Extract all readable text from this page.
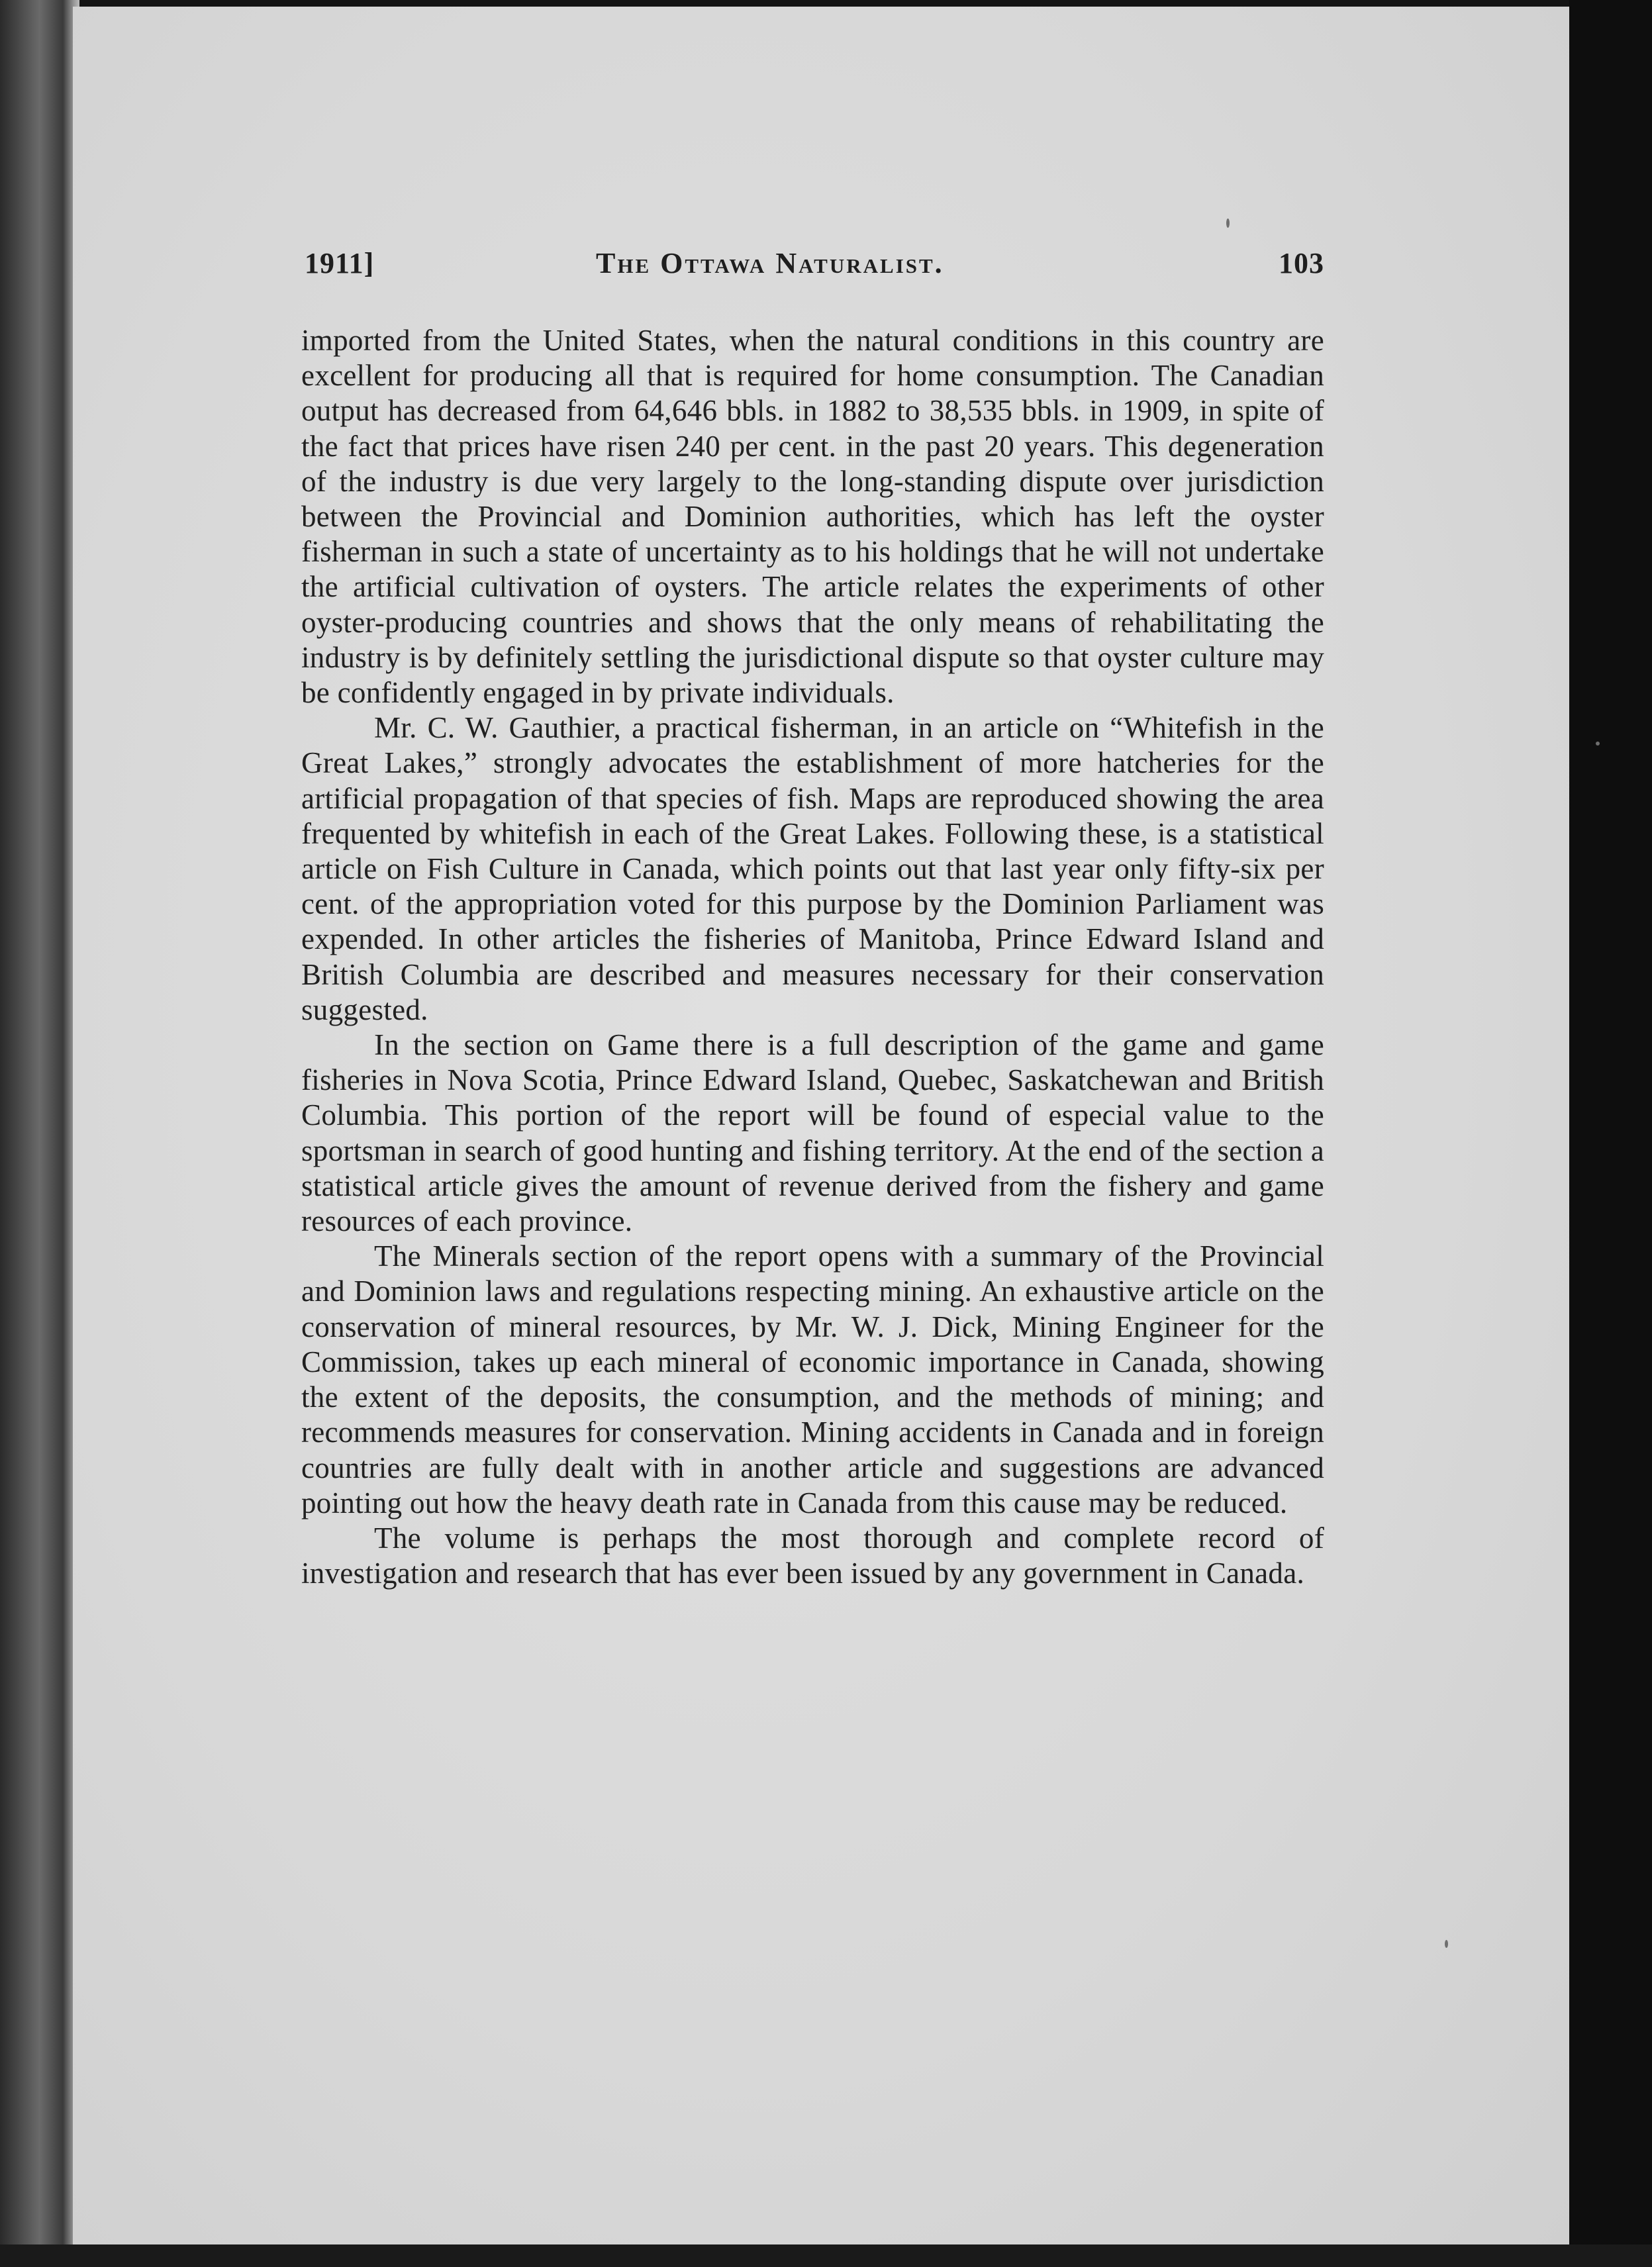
1911]	The Ottawa Naturalist.	103

imported from the United States, when the natural conditions in this country are excellent for producing all that is required for home consumption. The Canadian output has decreased from 64,646 bbls. in 1882 to 38,535 bbls. in 1909, in spite of the fact that prices have risen 240 per cent. in the past 20 years. This degeneration of the industry is due very largely to the long-standing dispute over jurisdiction between the Provincial and Dominion authorities, which has left the oyster fisherman in such a state of uncertainty as to his holdings that he will not undertake the artificial cultivation of oysters. The article relates the experiments of other oyster-producing countries and shows that the only means of rehabilitating the industry is by definitely settling the jurisdictional dispute so that oyster culture may be confidently engaged in by private individuals.

Mr. C. W. Gauthier, a practical fisherman, in an article on “Whitefish in the Great Lakes,” strongly advocates the establishment of more hatcheries for the artificial propagation of that species of fish. Maps are reproduced showing the area frequented by whitefish in each of the Great Lakes. Following these, is a statistical article on Fish Culture in Canada, which points out that last year only fifty-six per cent. of the appropriation voted for this purpose by the Dominion Parliament was expended. In other articles the fisheries of Manitoba, Prince Edward Island and British Columbia are described and measures necessary for their conservation suggested.

In the section on Game there is a full description of the game and game fisheries in Nova Scotia, Prince Edward Island, Quebec, Saskatchewan and British Columbia. This portion of the report will be found of especial value to the sportsman in search of good hunting and fishing territory. At the end of the section a statistical article gives the amount of revenue derived from the fishery and game resources of each province.

The Minerals section of the report opens with a summary of the Provincial and Dominion laws and regulations respecting mining. An exhaustive article on the conservation of mineral resources, by Mr. W. J. Dick, Mining Engineer for the Commission, takes up each mineral of economic importance in Canada, showing the extent of the deposits, the consumption, and the methods of mining; and recommends measures for conservation. Mining accidents in Canada and in foreign countries are fully dealt with in another article and suggestions are advanced pointing out how the heavy death rate in Canada from this cause may be reduced.

The volume is perhaps the most thorough and complete record of investigation and research that has ever been issued by any government in Canada.
